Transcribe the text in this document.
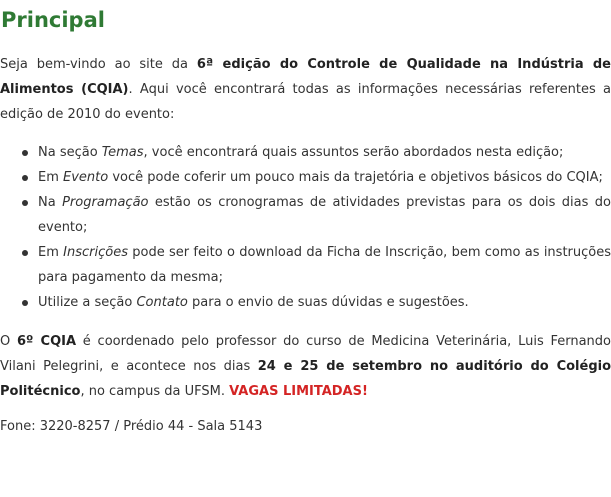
Principal

Seja bem-vindo ao site da 6ª edição do Controle de Qualidade na Indústria de Alimentos (CQIA). Aqui você encontrará todas as informações necessárias referentes a edição de 2010 do evento:

Na seção Temas, você encontrará quais assuntos serão abordados nesta edição;
Em Evento você pode coferir um pouco mais da trajetória e objetivos básicos do CQIA;
Na Programação estão os cronogramas de atividades previstas para os dois dias do evento;
Em Inscrições pode ser feito o download da Ficha de Inscrição, bem como as instruções para pagamento da mesma;
Utilize a seção Contato para o envio de suas dúvidas e sugestões.

O 6º CQIA é coordenado pelo professor do curso de Medicina Veterinária, Luis Fernando Vilani Pelegrini, e acontece nos dias 24 e 25 de setembro no auditório do Colégio Politécnico, no campus da UFSM. VAGAS LIMITADAS!

Fone: 3220-8257 / Prédio 44 - Sala 5143
